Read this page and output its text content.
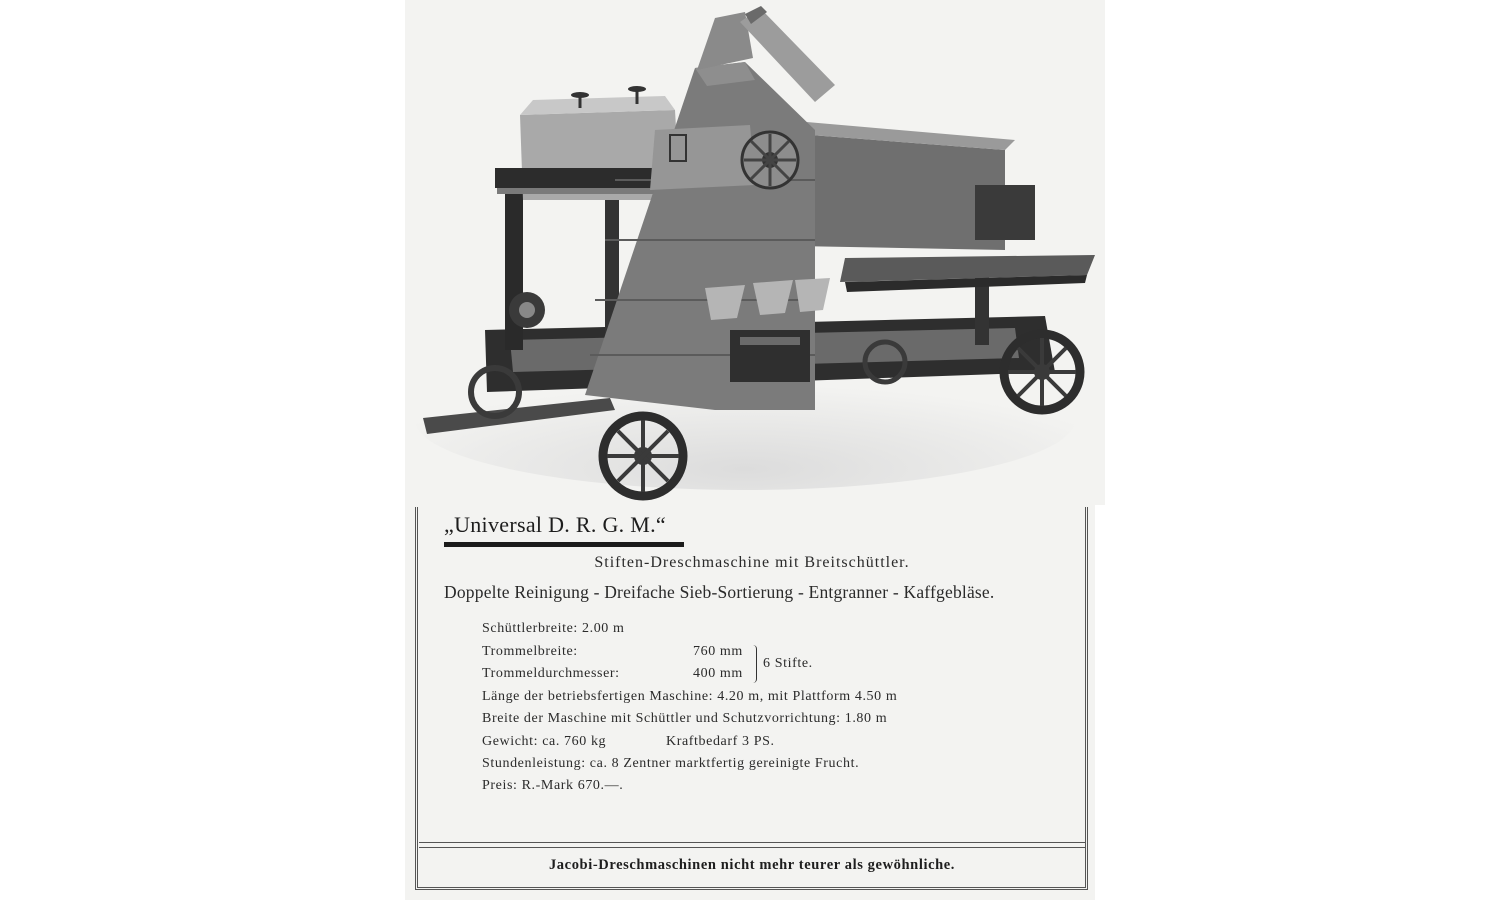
„Universal D. R. G. M.“
Stiften-Dreschmaschine mit Breitschüttler.
Doppelte Reinigung - Dreifache Sieb-Sortierung - Entgranner - Kaffgebläse.
Schüttlerbreite: 2.00 m
Trommelbreite:	760 mm
Trommeldurchmesser:	400 mm
6 Stifte.
Länge der betriebsfertigen Maschine: 4.20 m, mit Plattform 4.50 m
Breite der Maschine mit Schüttler und Schutzvorrichtung: 1.80 m
Gewicht: ca. 760 kg	Kraftbedarf 3 PS.
Stundenleistung: ca. 8 Zentner marktfertig gereinigte Frucht.
Preis: R.-Mark 670.—.
Jacobi-Dreschmaschinen nicht mehr teurer als gewöhnliche.
